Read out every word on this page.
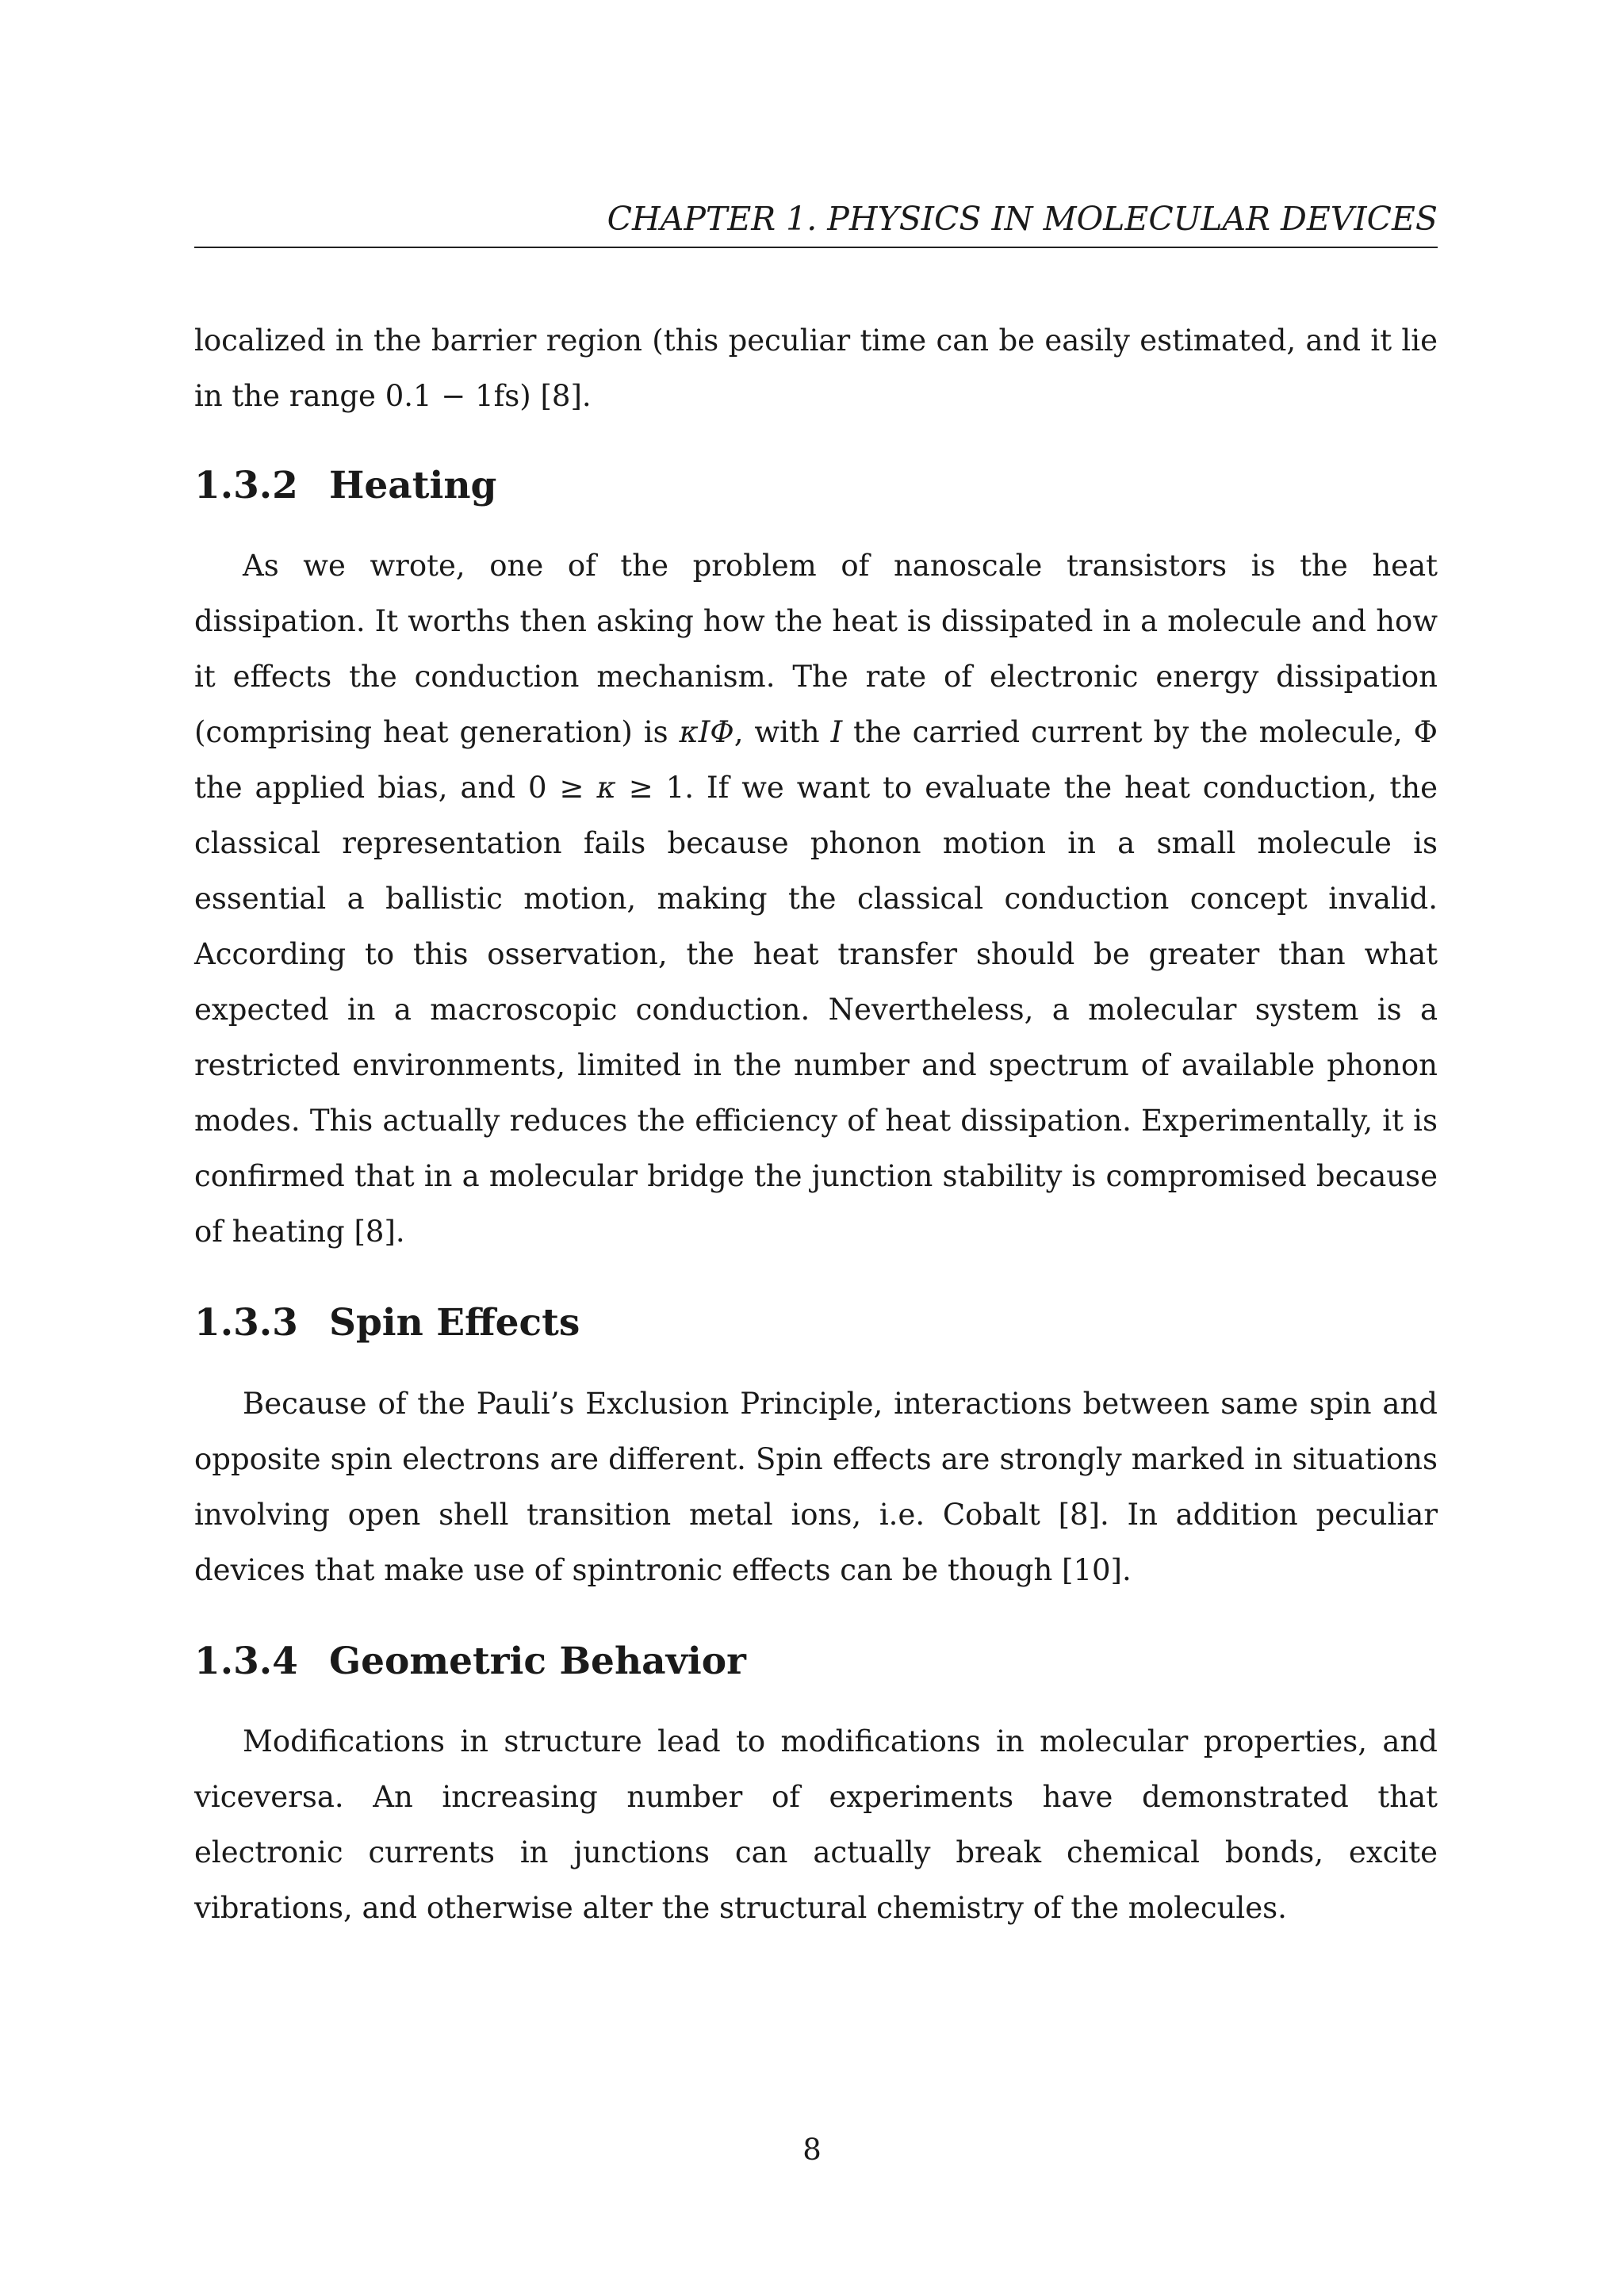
CHAPTER 1. PHYSICS IN MOLECULAR DEVICES

localized in the barrier region (this peculiar time can be easily estimated, and it lie in the range 0.1 − 1fs) [8].

1.3.2 Heating

As we wrote, one of the problem of nanoscale transistors is the heat dissipation. It worths then asking how the heat is dissipated in a molecule and how it effects the conduction mechanism. The rate of electronic energy dissipation (comprising heat generation) is κIΦ, with I the carried current by the molecule, Φ the applied bias, and 0 ≥ κ ≥ 1. If we want to evaluate the heat conduction, the classical representation fails because phonon motion in a small molecule is essential a ballistic motion, making the classical conduction concept invalid. According to this osservation, the heat transfer should be greater than what expected in a macroscopic conduction. Nevertheless, a molecular system is a restricted environments, limited in the number and spectrum of available phonon modes. This actually reduces the efficiency of heat dissipation. Experimentally, it is confirmed that in a molecular bridge the junction stability is compromised because of heating [8].

1.3.3 Spin Effects

Because of the Pauli’s Exclusion Principle, interactions between same spin and opposite spin electrons are different. Spin effects are strongly marked in situations involving open shell transition metal ions, i.e. Cobalt [8]. In addition peculiar devices that make use of spintronic effects can be though [10].

1.3.4 Geometric Behavior

Modifications in structure lead to modifications in molecular properties, and viceversa. An increasing number of experiments have demonstrated that electronic currents in junctions can actually break chemical bonds, excite vibrations, and otherwise alter the structural chemistry of the molecules.

8
